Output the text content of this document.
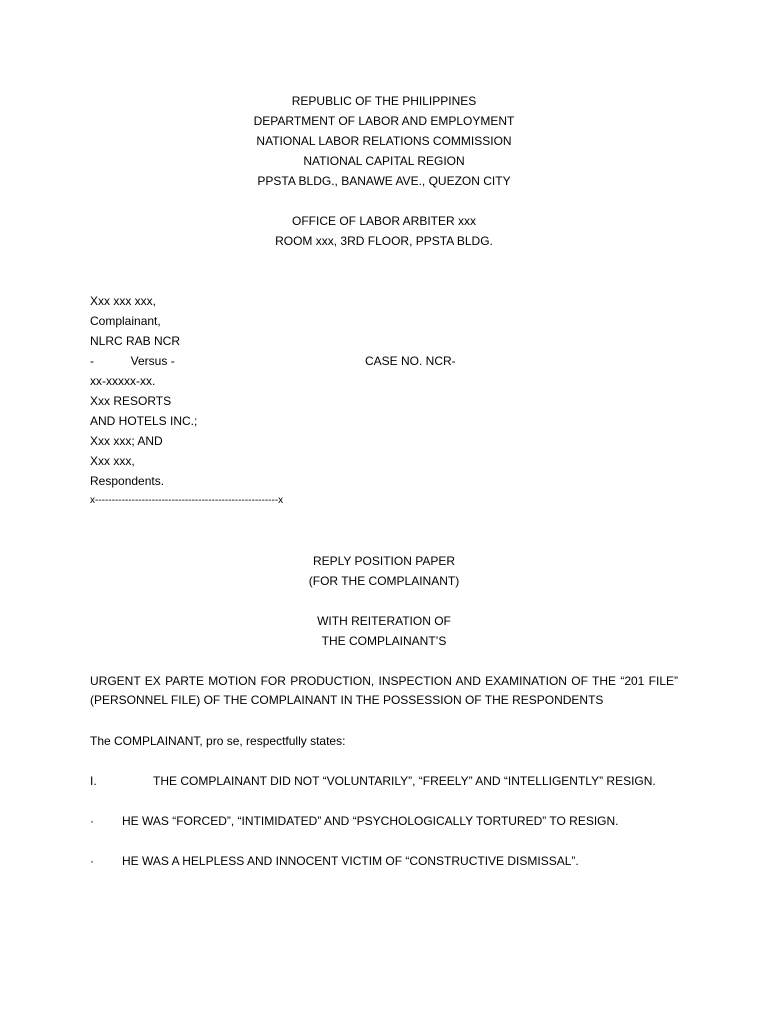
REPUBLIC OF THE PHILIPPINES
DEPARTMENT OF LABOR AND EMPLOYMENT
NATIONAL LABOR RELATIONS COMMISSION
NATIONAL CAPITAL REGION
PPSTA BLDG., BANAWE AVE., QUEZON CITY
OFFICE OF LABOR ARBITER xxx
ROOM xxx, 3RD FLOOR, PPSTA BLDG.
Xxx xxx xxx,
Complainant,
NLRC RAB NCR
-           Versus -	CASE NO. NCR-
xx-xxxxx-xx.
Xxx RESORTS
AND HOTELS INC.;
Xxx xxx; AND
Xxx xxx,
Respondents.
x-------------------------------------------------------x
REPLY POSITION PAPER
(FOR THE COMPLAINANT)
WITH REITERATION OF
THE COMPLAINANT’S
URGENT EX PARTE MOTION FOR PRODUCTION, INSPECTION AND EXAMINATION OF THE “201 FILE”
(PERSONNEL FILE) OF THE COMPLAINANT IN THE POSSESSION OF THE RESPONDENTS
The COMPLAINANT, pro se, respectfully states:
I.	THE COMPLAINANT DID NOT “VOLUNTARILY”, “FREELY” AND “INTELLIGENTLY” RESIGN.
· HE WAS “FORCED”, “INTIMIDATED” AND “PSYCHOLOGICALLY TORTURED” TO RESIGN.
· HE WAS A HELPLESS AND INNOCENT VICTIM OF “CONSTRUCTIVE DISMISSAL”.
